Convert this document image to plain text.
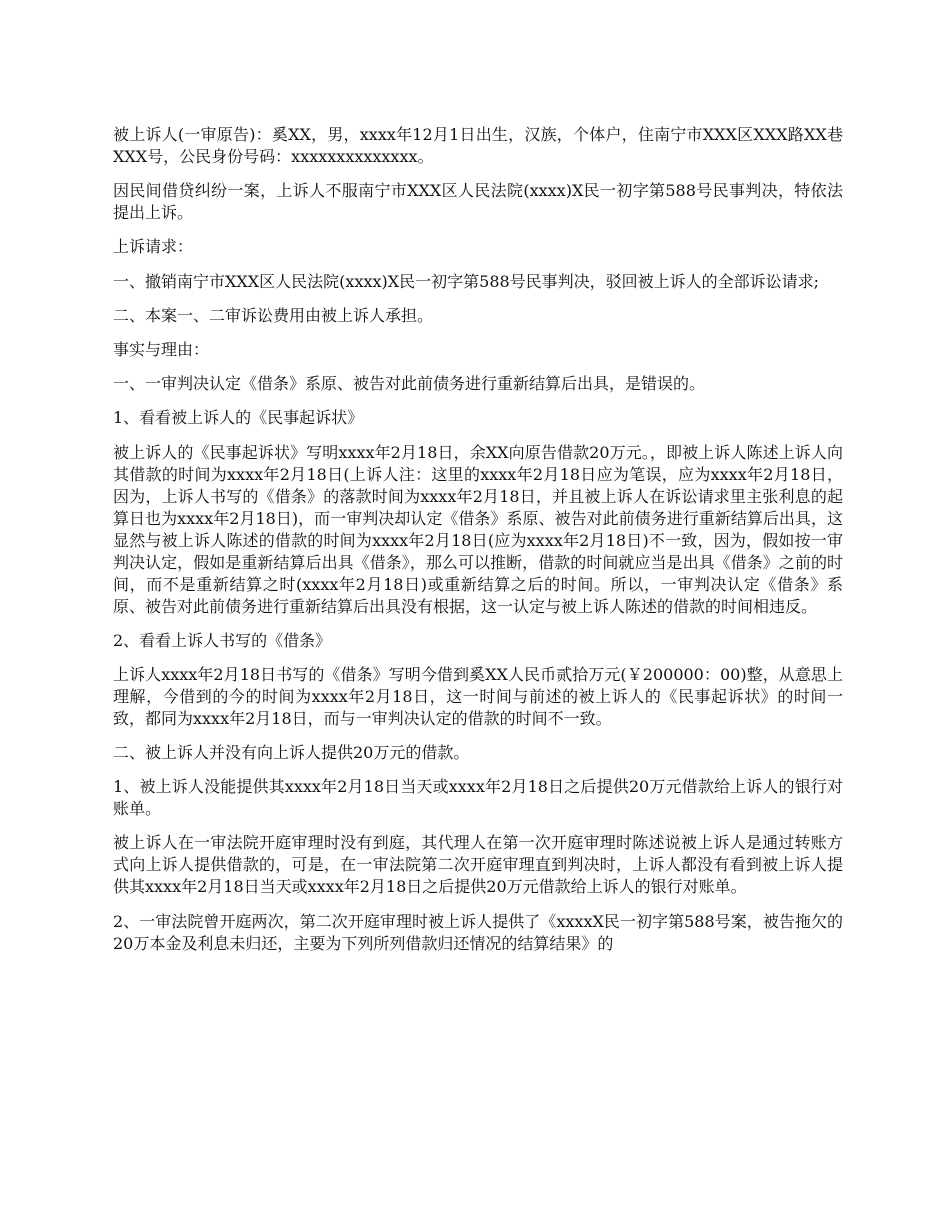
被上诉人(一审原告)：奚XX，男，xxxx年12月1日出生，汉族，个体户，住南宁市XXX区XXX路XX巷XXX号，公民身份号码：xxxxxxxxxxxxxx。

因民间借贷纠纷一案，上诉人不服南宁市XXX区人民法院(xxxx)X民一初字第588号民事判决，特依法提出上诉。

上诉请求：

一、撤销南宁市XXX区人民法院(xxxx)X民一初字第588号民事判决，驳回被上诉人的全部诉讼请求;

二、本案一、二审诉讼费用由被上诉人承担。

事实与理由：

一、一审判决认定《借条》系原、被告对此前债务进行重新结算后出具，是错误的。

1、看看被上诉人的《民事起诉状》

被上诉人的《民事起诉状》写明xxxx年2月18日，余XX向原告借款20万元。，即被上诉人陈述上诉人向其借款的时间为xxxx年2月18日(上诉人注：这里的xxxx年2月18日应为笔误，应为xxxx年2月18日，因为，上诉人书写的《借条》的落款时间为xxxx年2月18日，并且被上诉人在诉讼请求里主张利息的起算日也为xxxx年2月18日)，而一审判决却认定《借条》系原、被告对此前债务进行重新结算后出具，这显然与被上诉人陈述的借款的时间为xxxx年2月18日(应为xxxx年2月18日)不一致，因为，假如按一审判决认定，假如是重新结算后出具《借条》，那么可以推断，借款的时间就应当是出具《借条》之前的时间，而不是重新结算之时(xxxx年2月18日)或重新结算之后的时间。所以，一审判决认定《借条》系原、被告对此前债务进行重新结算后出具没有根据，这一认定与被上诉人陈述的借款的时间相违反。

2、看看上诉人书写的《借条》

上诉人xxxx年2月18日书写的《借条》写明今借到奚XX人民币贰拾万元(￥200000：00)整，从意思上理解，今借到的今的时间为xxxx年2月18日，这一时间与前述的被上诉人的《民事起诉状》的时间一致，都同为xxxx年2月18日，而与一审判决认定的借款的时间不一致。

二、被上诉人并没有向上诉人提供20万元的借款。

1、被上诉人没能提供其xxxx年2月18日当天或xxxx年2月18日之后提供20万元借款给上诉人的银行对账单。

被上诉人在一审法院开庭审理时没有到庭，其代理人在第一次开庭审理时陈述说被上诉人是通过转账方式向上诉人提供借款的，可是，在一审法院第二次开庭审理直到判决时，上诉人都没有看到被上诉人提供其xxxx年2月18日当天或xxxx年2月18日之后提供20万元借款给上诉人的银行对账单。

2、一审法院曾开庭两次，第二次开庭审理时被上诉人提供了《xxxxX民一初字第588号案，被告拖欠的20万本金及利息未归还，主要为下列所列借款归还情况的结算结果》的
